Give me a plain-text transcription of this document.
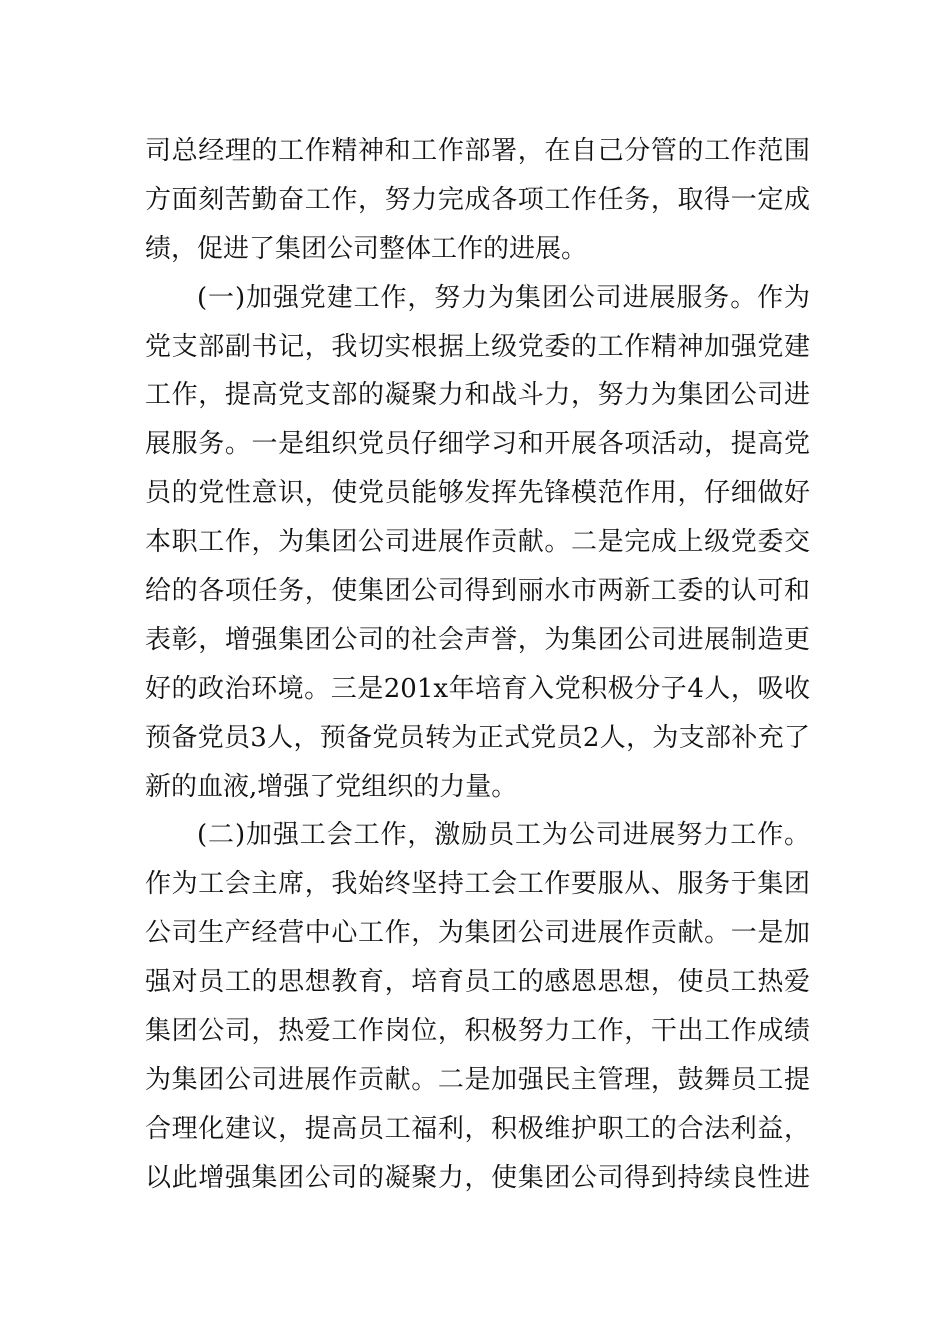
司总经理的工作精神和工作部署，在自己分管的工作范围
方面刻苦勤奋工作，努力完成各项工作任务，取得一定成
绩，促进了集团公司整体工作的进展。
(一)加强党建工作，努力为集团公司进展服务。作为
党支部副书记，我切实根据上级党委的工作精神加强党建
工作，提高党支部的凝聚力和战斗力，努力为集团公司进
展服务。一是组织党员仔细学习和开展各项活动，提高党
员的党性意识，使党员能够发挥先锋模范作用，仔细做好
本职工作，为集团公司进展作贡献。二是完成上级党委交
给的各项任务，使集团公司得到丽水市两新工委的认可和
表彰，增强集团公司的社会声誉，为集团公司进展制造更
好的政治环境。三是201x年培育入党积极分子4人，吸收
预备党员3人，预备党员转为正式党员2人，为支部补充了
新的血液,增强了党组织的力量。
(二)加强工会工作，激励员工为公司进展努力工作。
作为工会主席，我始终坚持工会工作要服从、服务于集团
公司生产经营中心工作，为集团公司进展作贡献。一是加
强对员工的思想教育，培育员工的感恩思想，使员工热爱
集团公司，热爱工作岗位，积极努力工作，干出工作成绩
为集团公司进展作贡献。二是加强民主管理，鼓舞员工提
合理化建议，提高员工福利，积极维护职工的合法利益，
以此增强集团公司的凝聚力，使集团公司得到持续良性进
